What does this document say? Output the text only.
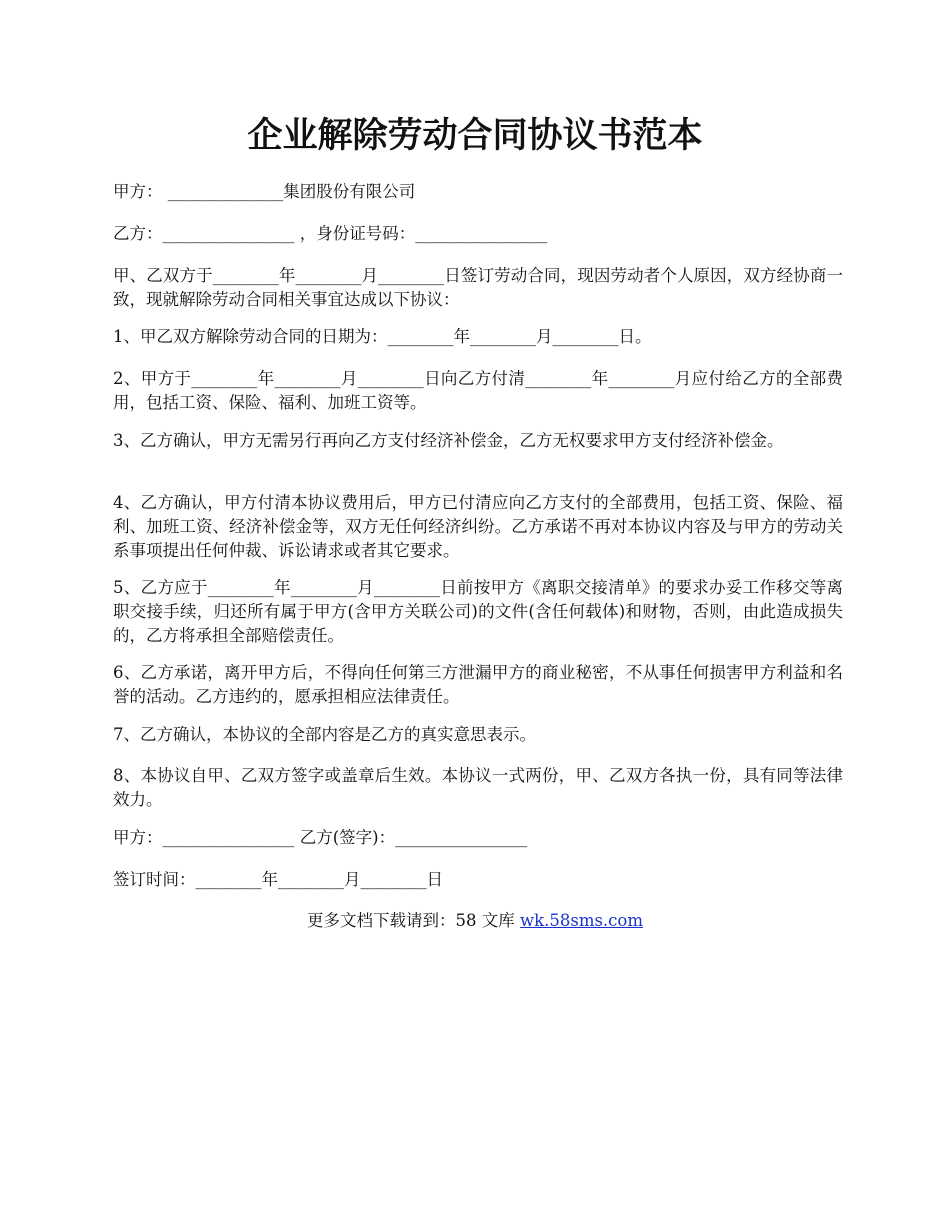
企业解除劳动合同协议书范本
甲方： ______________集团股份有限公司
乙方：________________ ，身份证号码：________________
甲、乙双方于________年________月________日签订劳动合同，现因劳动者个人原因，双方经协商一致，现就解除劳动合同相关事宜达成以下协议：
1、甲乙双方解除劳动合同的日期为：________年________月________日。
2、甲方于________年________月________日向乙方付清________年________月应付给乙方的全部费用，包括工资、保险、福利、加班工资等。
3、乙方确认，甲方无需另行再向乙方支付经济补偿金，乙方无权要求甲方支付经济补偿金。
4、乙方确认，甲方付清本协议费用后，甲方已付清应向乙方支付的全部费用，包括工资、保险、福利、加班工资、经济补偿金等，双方无任何经济纠纷。乙方承诺不再对本协议内容及与甲方的劳动关系事项提出任何仲裁、诉讼请求或者其它要求。
5、乙方应于________年________月________日前按甲方《离职交接清单》的要求办妥工作移交等离职交接手续，归还所有属于甲方(含甲方关联公司)的文件(含任何载体)和财物，否则，由此造成损失的，乙方将承担全部赔偿责任。
6、乙方承诺，离开甲方后，不得向任何第三方泄漏甲方的商业秘密，不从事任何损害甲方利益和名誉的活动。乙方违约的，愿承担相应法律责任。
7、乙方确认，本协议的全部内容是乙方的真实意思表示。
8、本协议自甲、乙双方签字或盖章后生效。本协议一式两份，甲、乙双方各执一份，具有同等法律效力。
甲方：________________ 乙方(签字)：________________
签订时间：________年________月________日
更多文档下载请到：58 文库 wk.58sms.com
